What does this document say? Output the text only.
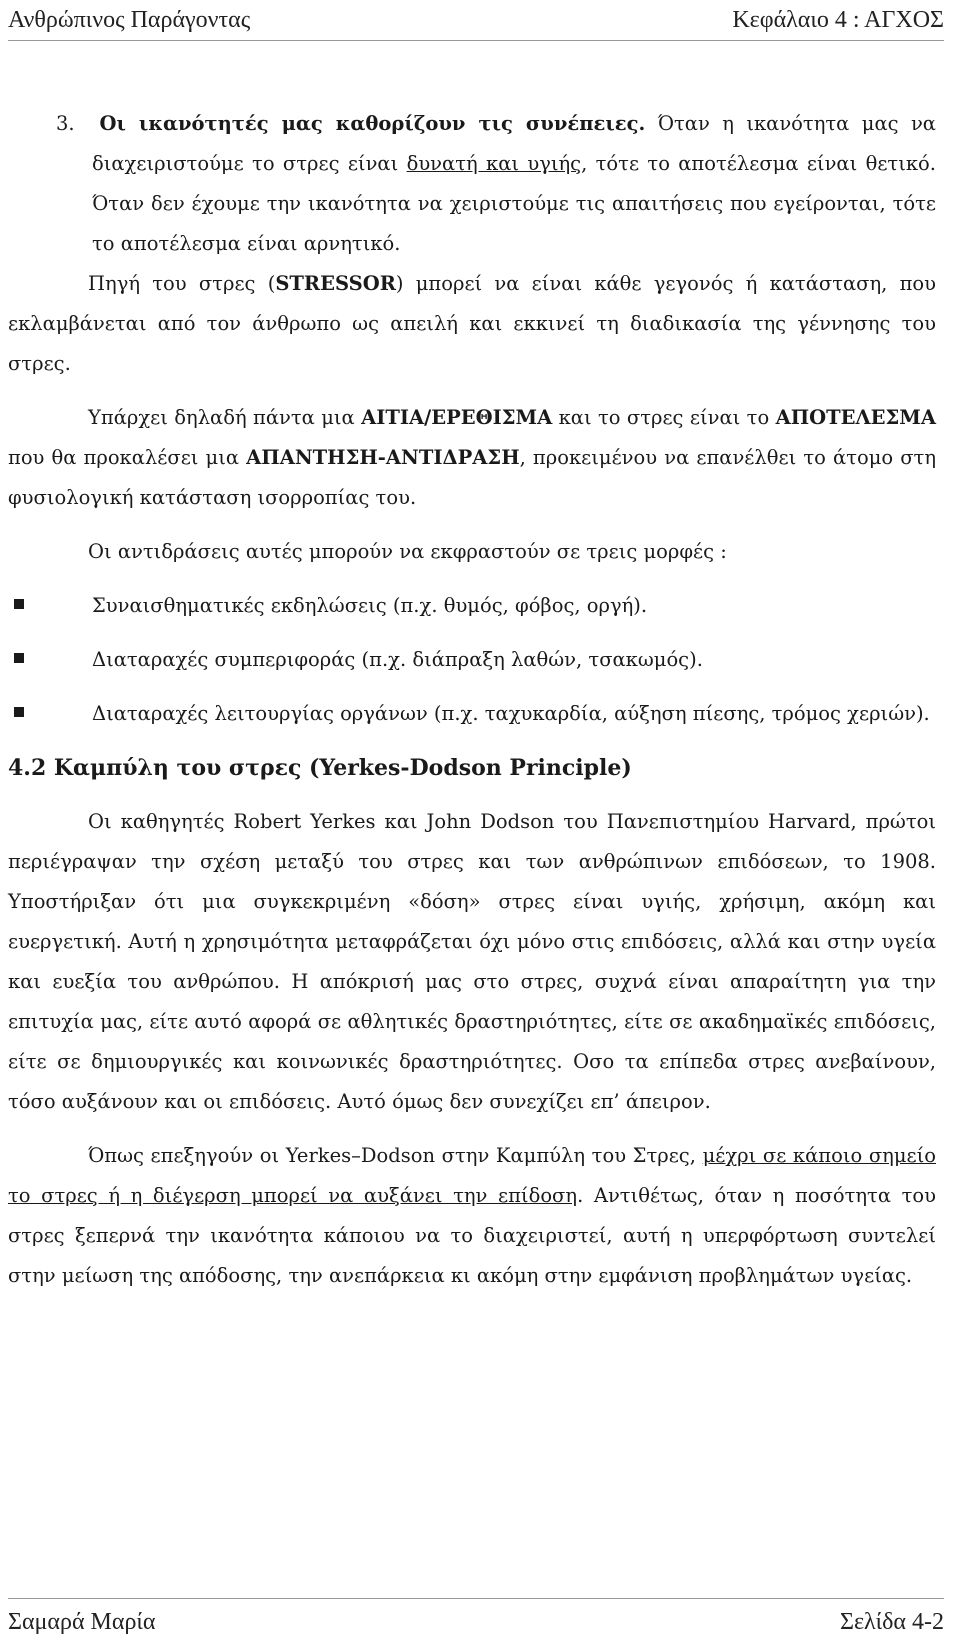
Ανθρώπινος Παράγοντας	Κεφάλαιο 4 : ΑΓΧΟΣ

3. Οι ικανότητές μας καθορίζουν τις συνέπειες. Όταν η ικανότητα μας να διαχειριστούμε το στρες είναι δυνατή και υγιής, τότε το αποτέλεσμα είναι θετικό. Όταν δεν έχουμε την ικανότητα να χειριστούμε τις απαιτήσεις που εγείρονται, τότε το αποτέλεσμα είναι αρνητικό.

Πηγή του στρες (STRESSOR) μπορεί να είναι κάθε γεγονός ή κατάσταση, που εκλαμβάνεται από τον άνθρωπο ως απειλή και εκκινεί τη διαδικασία της γέννησης του στρες.

Υπάρχει δηλαδή πάντα μια ΑΙΤΙΑ/ΕΡΕΘΙΣΜΑ και το στρες είναι το ΑΠΟΤΕΛΕΣΜΑ που θα προκαλέσει μια ΑΠΑΝΤΗΣΗ-ΑΝΤΙΔΡΑΣΗ, προκειμένου να επανέλθει το άτομο στη φυσιολογική κατάσταση ισορροπίας του.

Οι αντιδράσεις αυτές μπορούν να εκφραστούν σε τρεις μορφές :

Συναισθηματικές εκδηλώσεις (π.χ. θυμός, φόβος, οργή).
Διαταραχές συμπεριφοράς (π.χ. διάπραξη λαθών, τσακωμός).
Διαταραχές λειτουργίας οργάνων (π.χ. ταχυκαρδία, αύξηση πίεσης, τρόμος χεριών).
4.2 Καμπύλη του στρες (Yerkes-Dodson Principle)

Οι καθηγητές Robert Yerkes και John Dodson του Πανεπιστημίου Harvard, πρώτοι περιέγραψαν την σχέση μεταξύ του στρες και των ανθρώπινων επιδόσεων, το 1908. Υποστήριξαν ότι μια συγκεκριμένη «δόση» στρες είναι υγιής, χρήσιμη, ακόμη και ευεργετική. Αυτή η χρησιμότητα μεταφράζεται όχι μόνο στις επιδόσεις, αλλά και στην υγεία και ευεξία του ανθρώπου. Η απόκρισή μας στο στρες, συχνά είναι απαραίτητη για την επιτυχία μας, είτε αυτό αφορά σε αθλητικές δραστηριότητες, είτε σε ακαδημαϊκές επιδόσεις, είτε σε δημιουργικές και κοινωνικές δραστηριότητες. Οσο τα επίπεδα στρες ανεβαίνουν, τόσο αυξάνουν και οι επιδόσεις. Αυτό όμως δεν συνεχίζει επ’ άπειρον.

Όπως επεξηγούν οι Yerkes–Dodson στην Καμπύλη του Στρες, μέχρι σε κάποιο σημείο το στρες ή η διέγερση μπορεί να αυξάνει την επίδοση. Αντιθέτως, όταν η ποσότητα του στρες ξεπερνά την ικανότητα κάποιου να το διαχειριστεί, αυτή η υπερφόρτωση συντελεί στην μείωση της απόδοσης, την ανεπάρκεια κι ακόμη στην εμφάνιση προβλημάτων υγείας.

Σαμαρά Μαρία	Σελίδα 4-2
